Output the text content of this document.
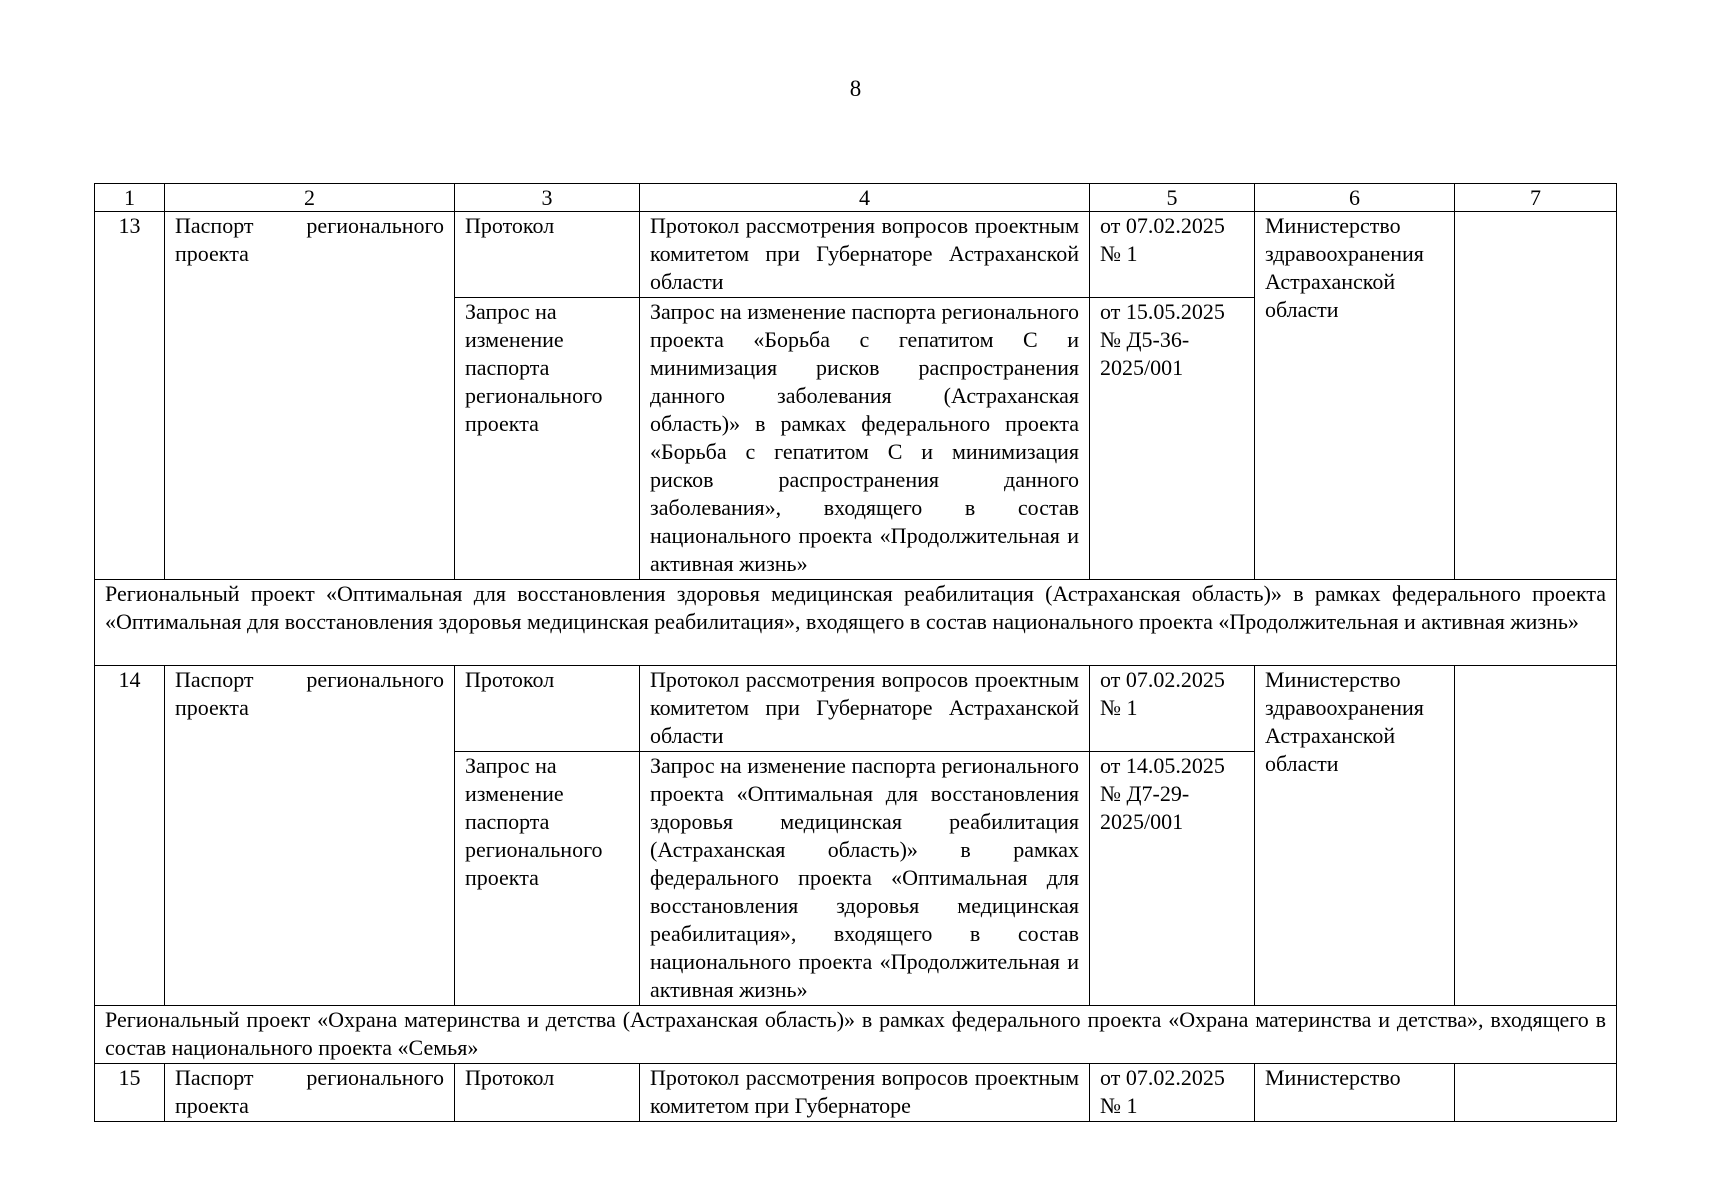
8
1	2	3	4	5	6	7
13	Паспорт регионального проекта	Протокол	Протокол рассмотрения вопросов проектным комитетом при Губернаторе Астраханской области	от 07.02.2025 № 1	Министерство здравоохранения Астраханской области	
		Запрос на изменение паспорта регионального проекта	Запрос на изменение паспорта регионального проекта «Борьба с гепатитом С и минимизация рисков распространения данного заболевания (Астраханская область)» в рамках федерального проекта «Борьба с гепатитом С и минимизация рисков распространения данного заболевания», входящего в состав национального проекта «Продолжительная и активная жизнь»	от 15.05.2025 № Д5-36-2025/001		
Региональный проект «Оптимальная для восстановления здоровья медицинская реабилитация (Астраханская область)» в рамках федерального проекта «Оптимальная для восстановления здоровья медицинская реабилитация», входящего в состав национального проекта «Продолжительная и активная жизнь»						
14	Паспорт регионального проекта	Протокол	Протокол рассмотрения вопросов проектным комитетом при Губернаторе Астраханской области	от 07.02.2025 № 1	Министерство здравоохранения Астраханской области	
		Запрос на изменение паспорта регионального проекта	Запрос на изменение паспорта регионального проекта «Оптимальная для восстановления здоровья медицинская реабилитация (Астраханская область)» в рамках федерального проекта «Оптимальная для восстановления здоровья медицинская реабилитация», входящего в состав национального проекта «Продолжительная и активная жизнь»	от 14.05.2025 № Д7-29-2025/001		
Региональный проект «Охрана материнства и детства (Астраханская область)» в рамках федерального проекта «Охрана материнства и детства», входящего в состав национального проекта «Семья»						
15	Паспорт регионального проекта	Протокол	Протокол рассмотрения вопросов проектным комитетом при Губернаторе	от 07.02.2025 № 1	Министерство	
